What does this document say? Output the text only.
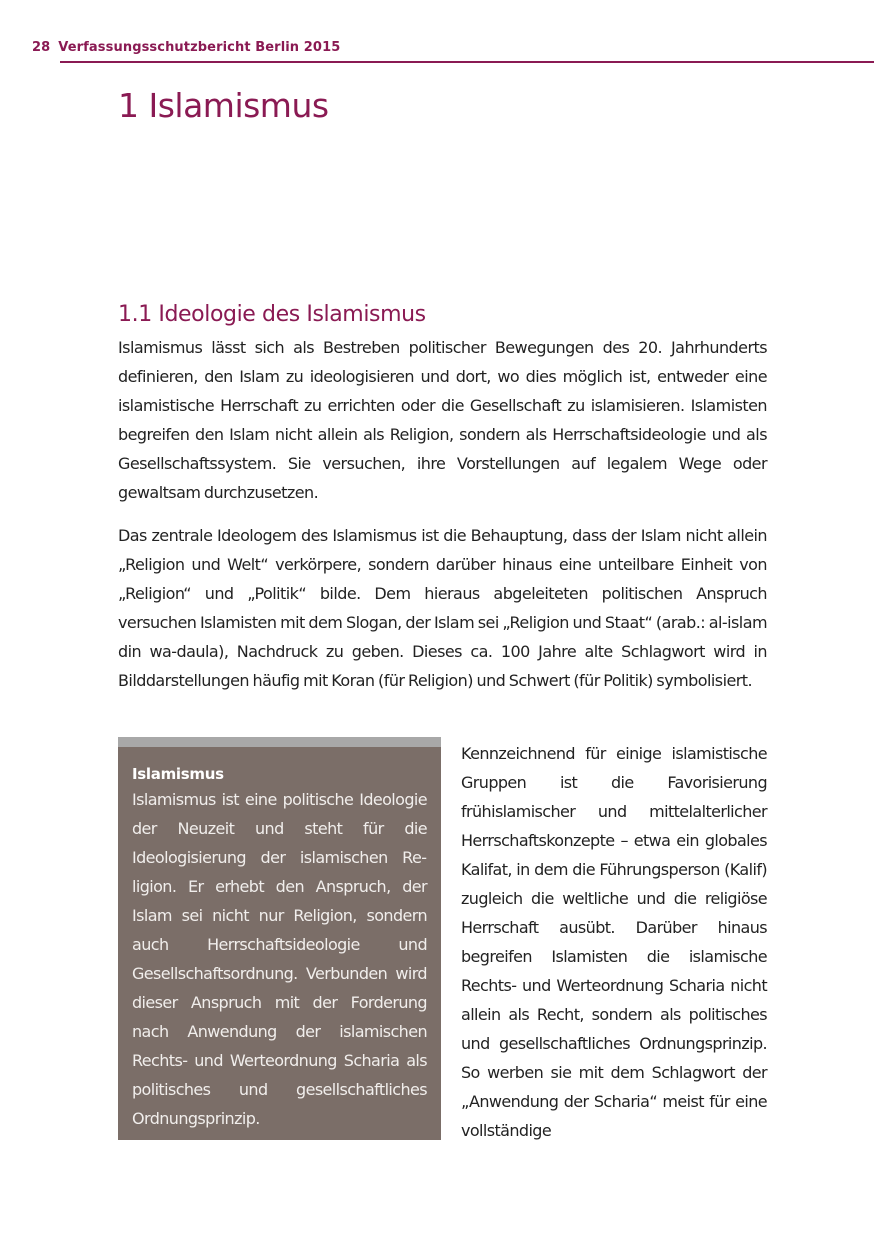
28 Verfassungsschutzbericht Berlin 2015
1 Islamismus
1.1 Ideologie des Islamismus

Islamismus lässt sich als Bestreben politischer Bewegungen des 20. Jahrhunderts definieren, den Islam zu ideologisieren und dort, wo dies möglich ist, entweder eine islamistische Herrschaft zu errichten oder die Gesellschaft zu islamisieren. Islamisten begreifen den Islam nicht allein als Religion, sondern als Herrschaftsideologie und als Gesellschaftssystem. Sie versuchen, ihre Vorstellungen auf legalem Wege oder gewaltsam durchzusetzen.

Das zentrale Ideologem des Islamismus ist die Behauptung, dass der Islam nicht allein „Religion und Welt“ verkörpere, sondern darüber hinaus eine unteilbare Einheit von „Religion“ und „Politik“ bilde. Dem hieraus abgeleiteten politischen Anspruch versuchen Islamisten mit dem Slogan, der Islam sei „Religion und Staat“ (arab.: al-islam din wa-daula), Nachdruck zu geben. Dieses ca. 100 Jahre alte Schlagwort wird in Bilddarstellungen häufig mit Koran (für Religion) und Schwert (für Politik) symbolisiert.

Islamismus

Islamismus ist eine politische Ideologie der Neuzeit und steht für die Ideologisierung der islamischen Religion. Er erhebt den Anspruch, der Islam sei nicht nur Religion, sondern auch Herrschaftsideologie und Gesellschaftsordnung. Verbunden wird dieser Anspruch mit der Forderung nach Anwendung der islamischen Rechts- und Werteordnung Scharia als politisches und gesellschaftliches Ordnungsprinzip.

Kennzeichnend für einige islamistische Gruppen ist die Favorisierung frühislamischer und mittelalterlicher Herrschaftskonzepte – etwa ein globales Kalifat, in dem die Führungsperson (Kalif) zugleich die weltliche und die religiöse Herrschaft ausübt. Darüber hinaus begreifen Islamisten die islamische Rechts- und Werteordnung Scharia nicht allein als Recht, sondern als politisches und gesellschaftliches Ordnungsprinzip. So werben sie mit dem Schlagwort der „Anwendung der Scharia“ meist für eine vollständige
